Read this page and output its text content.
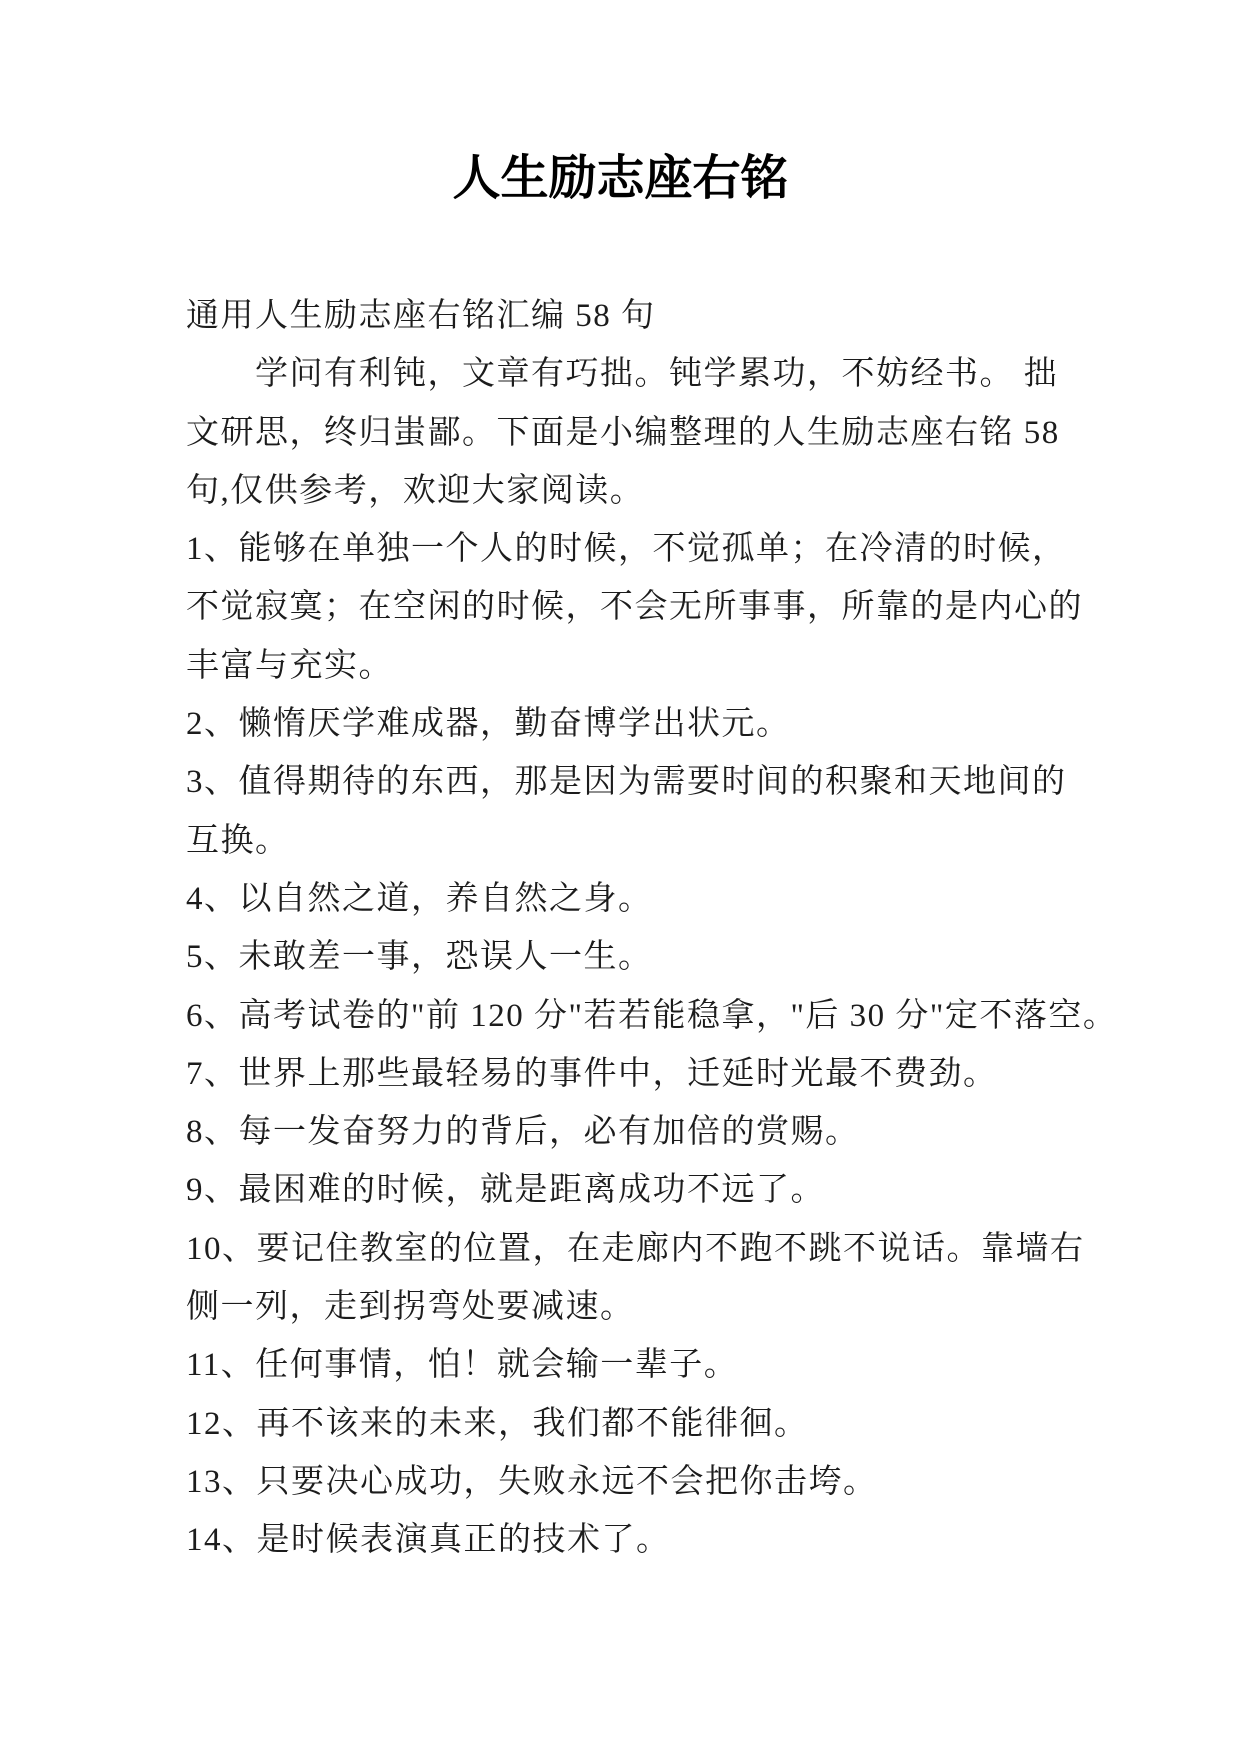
人生励志座右铭
通用人生励志座右铭汇编 58 句
学问有利钝，文章有巧拙。钝学累功，不妨经书。 拙
文研思，终归蚩鄙。下面是小编整理的人生励志座右铭 58
句,仅供参考，欢迎大家阅读。
1、能够在单独一个人的时候，不觉孤单；在冷清的时候，
不觉寂寞；在空闲的时候，不会无所事事，所靠的是内心的
丰富与充实。
2、懒惰厌学难成器，勤奋博学出状元。
3、值得期待的东西，那是因为需要时间的积聚和天地间的
互换。
4、以自然之道，养自然之身。
5、未敢差一事，恐误人一生。
6、高考试卷的"前 120 分"若若能稳拿，"后 30 分"定不落空。
7、世界上那些最轻易的事件中，迁延时光最不费劲。
8、每一发奋努力的背后，必有加倍的赏赐。
9、最困难的时候，就是距离成功不远了。
10、要记住教室的位置，在走廊内不跑不跳不说话。靠墙右
侧一列，走到拐弯处要减速。
11、任何事情，怕！就会输一辈子。
12、再不该来的未来，我们都不能徘徊。
13、只要决心成功，失败永远不会把你击垮。
14、是时候表演真正的技术了。
